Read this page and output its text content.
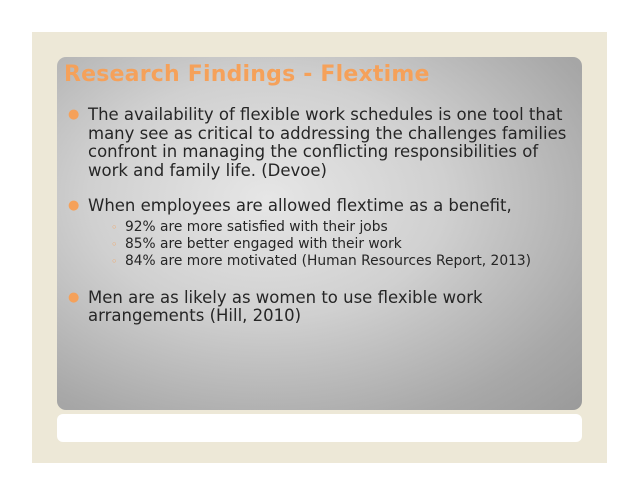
Research Findings - Flextime
● The availability of flexible work schedules is one tool that many see as critical to addressing the challenges families confront in managing the conflicting responsibilities of work and family life. (Devoe)
● When employees are allowed flextime as a benefit,
◦ 92% are more satisfied with their jobs
◦ 85% are better engaged with their work
◦ 84% are more motivated (Human Resources Report, 2013)
● Men are as likely as women to use flexible work arrangements (Hill, 2010)
